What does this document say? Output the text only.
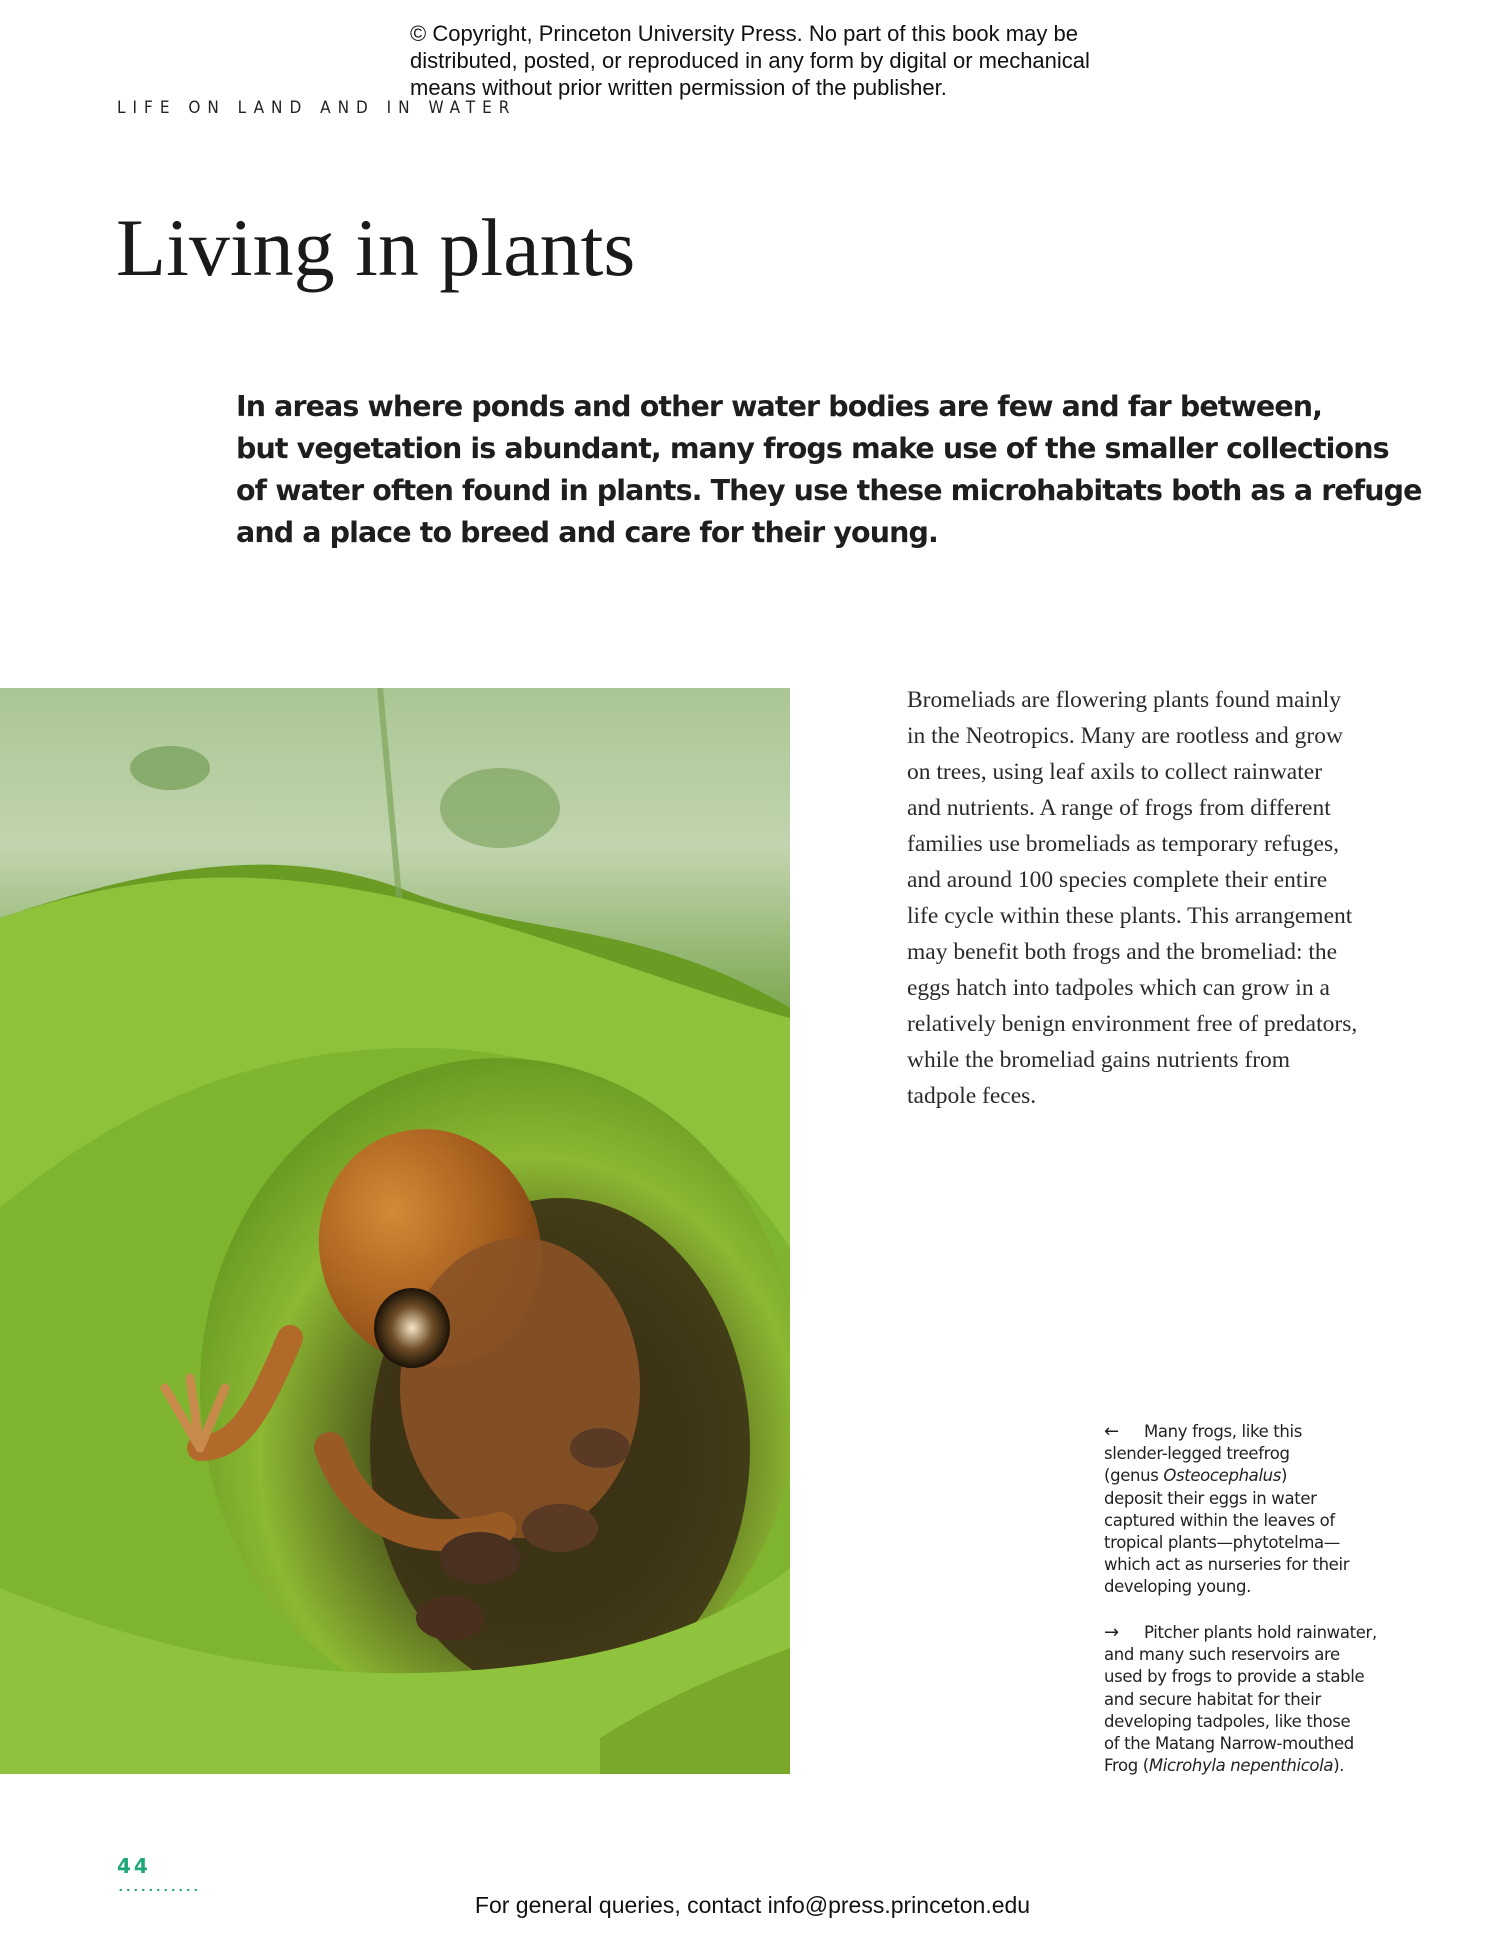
© Copyright, Princeton University Press. No part of this book may be
distributed, posted, or reproduced in any form by digital or mechanical
means without prior written permission of the publisher.
LIFE ON LAND AND IN WATER
Living in plants

In areas where ponds and other water bodies are few and far between,
but vegetation is abundant, many frogs make use of the smaller collections
of water often found in plants. They use these microhabitats both as a refuge
and a place to breed and care for their young.

Bromeliads are flowering plants found mainly
in the Neotropics. Many are rootless and grow
on trees, using leaf axils to collect rainwater
and nutrients. A range of frogs from different
families use bromeliads as temporary refuges,
and around 100 species complete their entire
life cycle within these plants. This arrangement
may benefit both frogs and the bromeliad: the
eggs hatch into tadpoles which can grow in a
relatively benign environment free of predators,
while the bromeliad gains nutrients from
tadpole feces.

← Many frogs, like this
slender-legged treefrog
(genus Osteocephalus)
deposit their eggs in water
captured within the leaves of
tropical plants—phytotelma—
which act as nurseries for their
developing young.

→ Pitcher plants hold rainwater,
and many such reservoirs are
used by frogs to provide a stable
and secure habitat for their
developing tadpoles, like those
of the Matang Narrow-mouthed
Frog (Microhyla nepenthicola).

44
For general queries, contact info@press.princeton.edu
